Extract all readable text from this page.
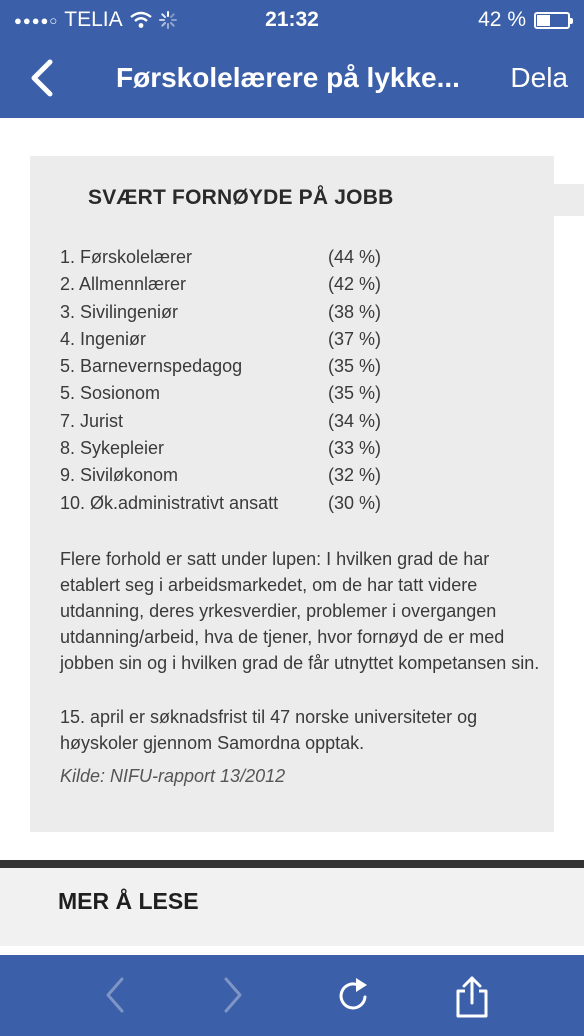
●●●●○ TELIA	21:32	42 %
Førskolelærere på lykke... Dela
SVÆRT FORNØYDE PÅ JOBB
1. Førskolelærer	(44 %)
2. Allmennlærer	(42 %)
3. Sivilingeniør	(38 %)
4. Ingeniør	(37 %)
5. Barnevernspedagog	(35 %)
5. Sosionom	(35 %)
7. Jurist	(34 %)
8. Sykepleier	(33 %)
9. Siviløkonom	(32 %)
10. Øk.administrativt ansatt	(30 %)
Flere forhold er satt under lupen: I hvilken grad de har etablert seg i arbeidsmarkedet, om de har tatt videre utdanning, deres yrkesverdier, problemer i overgangen utdanning/arbeid, hva de tjener, hvor fornøyd de er med jobben sin og i hvilken grad de får utnyttet kompetansen sin.
15. april er søknadsfrist til 47 norske universiteter og høyskoler gjennom Samordna opptak.
Kilde: NIFU-rapport 13/2012
MER Å LESE
